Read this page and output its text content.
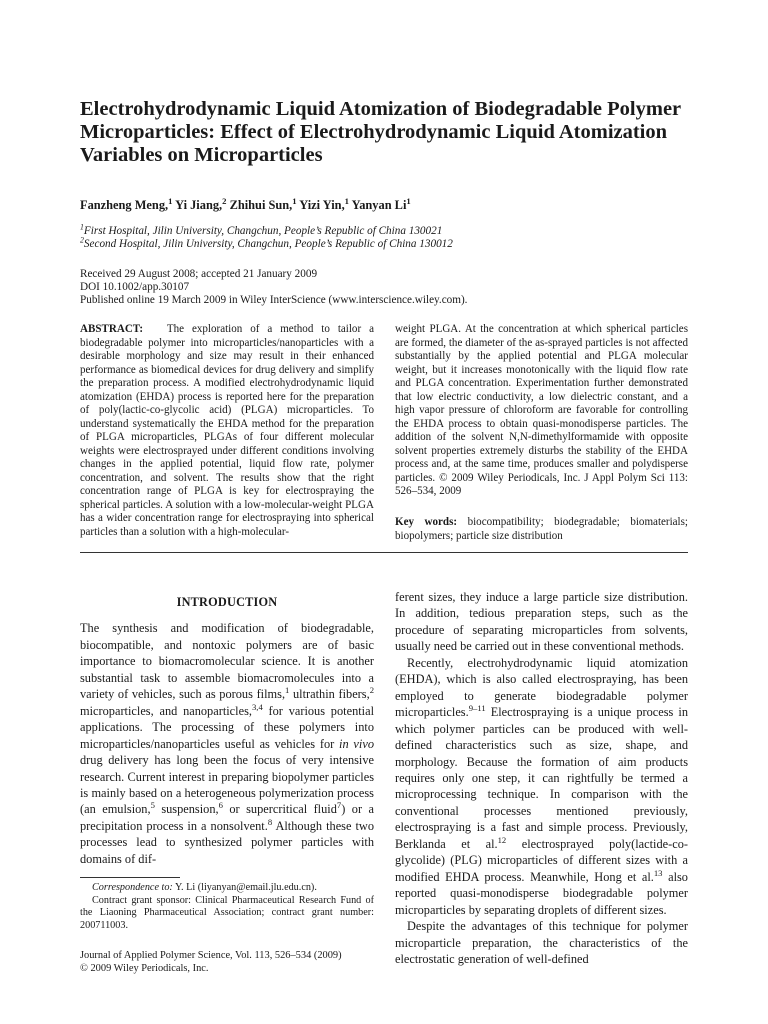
Electrohydrodynamic Liquid Atomization of Biodegradable Polymer Microparticles: Effect of Electrohydrodynamic Liquid Atomization Variables on Microparticles
Fanzheng Meng,$^1$ Yi Jiang,$^2$ Zhihui Sun,$^1$ Yizi Yin,$^1$ Yanyan Li$^1$
$^1$First Hospital, Jilin University, Changchun, People’s Republic of China 130021
$^2$Second Hospital, Jilin University, Changchun, People’s Republic of China 130012
Received 29 August 2008; accepted 21 January 2009
DOI 10.1002/app.30107
Published online 19 March 2009 in Wiley InterScience (www.interscience.wiley.com).
ABSTRACT: The exploration of a method to tailor a biodegradable polymer into microparticles/nanoparticles with a desirable morphology and size may result in their enhanced performance as biomedical devices for drug delivery and simplify the preparation process. A modified electrohydrodynamic liquid atomization (EHDA) process is reported here for the preparation of poly(lactic-co-glycolic acid) (PLGA) microparticles. To understand systematically the EHDA method for the preparation of PLGA microparticles, PLGAs of four different molecular weights were electrosprayed under different conditions involving changes in the applied potential, liquid flow rate, polymer concentration, and solvent. The results show that the right concentration range of PLGA is key for electrospraying the spherical particles. A solution with a low-molecular-weight PLGA has a wider concentration range for electrospraying into spherical particles than a solution with a high-molecular-
weight PLGA. At the concentration at which spherical particles are formed, the diameter of the as-sprayed particles is not affected substantially by the applied potential and PLGA molecular weight, but it increases monotonically with the liquid flow rate and PLGA concentration. Experimentation further demonstrated that low electric conductivity, a low dielectric constant, and a high vapor pressure of chloroform are favorable for controlling the EHDA process to obtain quasi-monodisperse particles. The addition of the solvent N,N-dimethylformamide with opposite solvent properties extremely disturbs the stability of the EHDA process and, at the same time, produces smaller and polydisperse particles. © 2009 Wiley Periodicals, Inc. J Appl Polym Sci 113: 526–534, 2009
Key words: biocompatibility; biodegradable; biomaterials; biopolymers; particle size distribution
INTRODUCTION

The synthesis and modification of biodegradable, biocompatible, and nontoxic polymers are of basic importance to biomacromolecular science. It is another substantial task to assemble biomacromolecules into a variety of vehicles, such as porous films,$^1$ ultrathin fibers,$^2$ microparticles, and nanoparticles,$^{3,4}$ for various potential applications. The processing of these polymers into microparticles/nanoparticles useful as vehicles for in vivo drug delivery has long been the focus of very intensive research. Current interest in preparing biopolymer particles is mainly based on a heterogeneous polymerization process (an emulsion,$^5$ suspension,$^6$ or supercritical fluid$^7$) or a precipitation process in a nonsolvent.$^8$ Although these two processes lead to synthesized polymer particles with domains of dif-

ferent sizes, they induce a large particle size distribution. In addition, tedious preparation steps, such as the procedure of separating microparticles from solvents, usually need be carried out in these conventional methods.

Recently, electrohydrodynamic liquid atomization (EHDA), which is also called electrospraying, has been employed to generate biodegradable polymer microparticles.$^{9-11}$ Electrospraying is a unique process in which polymer particles can be produced with well-defined characteristics such as size, shape, and morphology. Because the formation of aim products requires only one step, it can rightfully be termed a microprocessing technique. In comparison with the conventional processes mentioned previously, electrospraying is a fast and simple process. Previously, Berklanda et al.$^{12}$ electrosprayed poly(lactide-co-glycolide) (PLG) microparticles of different sizes with a modified EHDA process. Meanwhile, Hong et al.$^{13}$ also reported quasi-monodisperse biodegradable polymer microparticles by separating droplets of different sizes.

Despite the advantages of this technique for polymer microparticle preparation, the characteristics of the electrostatic generation of well-defined

Correspondence to: Y. Li (liyanyan@email.jlu.edu.cn).

Contract grant sponsor: Clinical Pharmaceutical Research Fund of the Liaoning Pharmaceutical Association; contract grant number: 200711003.

Journal of Applied Polymer Science, Vol. 113, 526–534 (2009)
© 2009 Wiley Periodicals, Inc.
